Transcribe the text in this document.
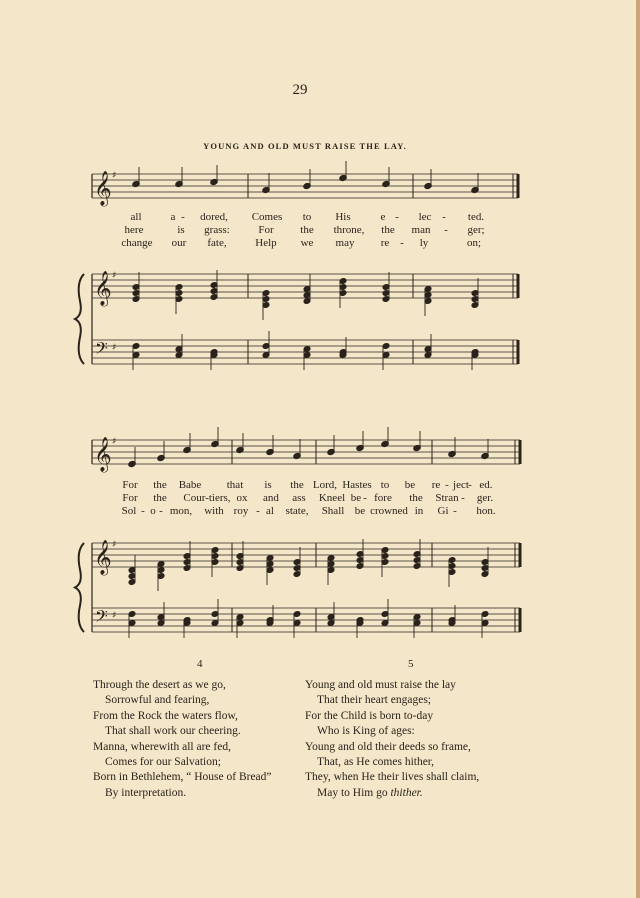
29
YOUNG AND OLD MUST RAISE THE LAY.
𝄞
𝄞
𝄢
♯
♯
♯
𝄞
𝄞
𝄢
♯
♯
♯
all	a - dored, Comes to His	e - lec - ted.
here	is grass:	For the throne, the man - ger;
change our fate,	Help we may re - ly	on;
For the Babe that is the Lord, Hastes to be re - ject - ed.
For the Cour-tiers, ox and ass Kneel be - fore the Stran - ger.
Sol - o - mon, with roy - al state, Shall be crowned in Gi - hon.
4	5
Through the desert as we go,
Sorrowful and fearing,
From the Rock the waters flow,
That shall work our cheering.
Manna, wherewith all are fed,
Comes for our Salvation;
Born in Bethlehem, “ House of Bread”
By interpretation.
Young and old must raise the lay
That their heart engages;
For the Child is born to-day
Who is King of ages:
Young and old their deeds so frame,
That, as He comes hither,
They, when He their lives shall claim,
May to Him go thither.
